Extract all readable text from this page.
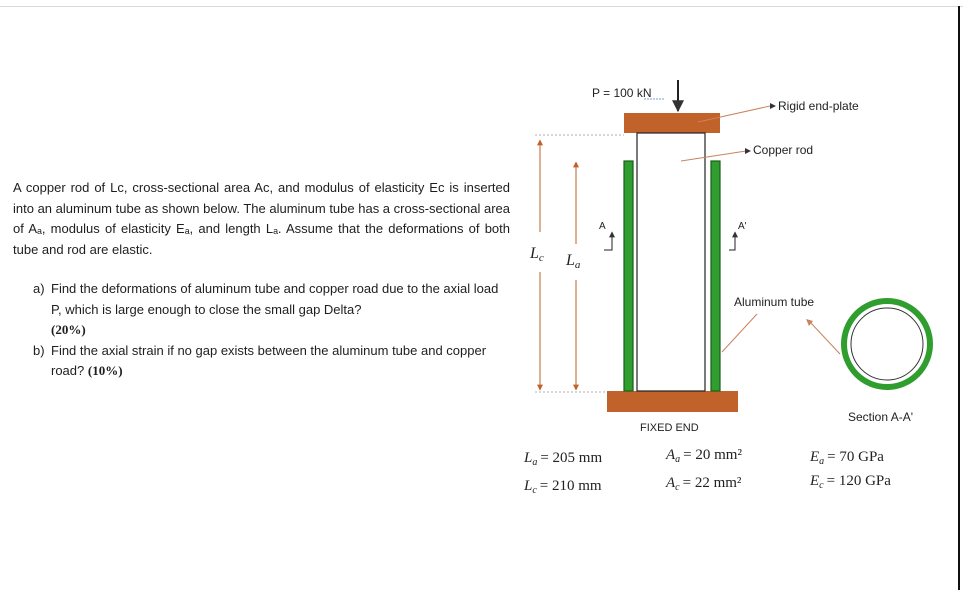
A copper rod of Lᴄ, cross-sectional area Aᴄ, and modulus of elasticity Eᴄ is inserted into an aluminum tube as shown below. The aluminum tube has a cross-sectional area of Aₐ, modulus of elasticity Eₐ, and length Lₐ. Assume that the deformations of both tube and rod are elastic.
a) Find the deformations of aluminum tube and copper road due to the axial load P, which is large enough to close the small gap Delta?
(20%)
b) Find the axial strain if no gap exists between the aluminum tube and copper road? (10%)
P = 100 kN
Lc La
A	A'
Rigid end-plate
Copper rod
Aluminum tube
Section A-A'
FIXED END
$L_a = 205$ mm
$L_c = 210$ mm
$A_a = 20$ mm²
$A_c = 22$ mm²
$E_a = 70$ GPa
$E_c = 120$ GPa
